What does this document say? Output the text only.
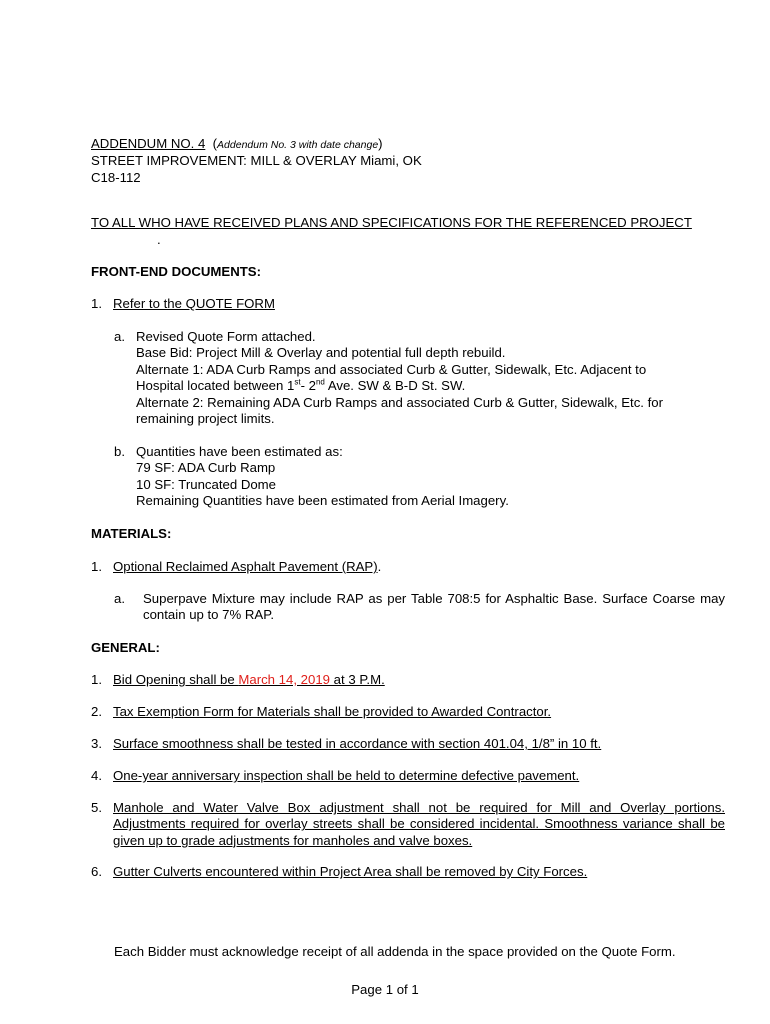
ADDENDUM NO. 4 (Addendum No. 3 with date change)
STREET IMPROVEMENT: MILL & OVERLAY Miami, OK
C18-112
TO ALL WHO HAVE RECEIVED PLANS AND SPECIFICATIONS FOR THE REFERENCED PROJECT
.
FRONT-END DOCUMENTS:
1. Refer to the QUOTE FORM
a. Revised Quote Form attached.
Base Bid: Project Mill & Overlay and potential full depth rebuild.
Alternate 1: ADA Curb Ramps and associated Curb & Gutter, Sidewalk, Etc. Adjacent to
Hospital located between 1st- 2nd Ave. SW & B-D St. SW.
Alternate 2: Remaining ADA Curb Ramps and associated Curb & Gutter, Sidewalk, Etc. for
remaining project limits.
b. Quantities have been estimated as:
79 SF: ADA Curb Ramp
10 SF: Truncated Dome
Remaining Quantities have been estimated from Aerial Imagery.
MATERIALS:
1. Optional Reclaimed Asphalt Pavement (RAP).
a. Superpave Mixture may include RAP as per Table 708:5 for Asphaltic Base. Surface Coarse may contain up to 7% RAP.
GENERAL:
1. Bid Opening shall be March 14, 2019 at 3 P.M.
2. Tax Exemption Form for Materials shall be provided to Awarded Contractor.
3. Surface smoothness shall be tested in accordance with section 401.04, 1/8” in 10 ft.
4. One-year anniversary inspection shall be held to determine defective pavement.
5. Manhole and Water Valve Box adjustment shall not be required for Mill and Overlay portions. Adjustments required for overlay streets shall be considered incidental. Smoothness variance shall be given up to grade adjustments for manholes and valve boxes.
6. Gutter Culverts encountered within Project Area shall be removed by City Forces.
Each Bidder must acknowledge receipt of all addenda in the space provided on the Quote Form.
Page 1 of 1
